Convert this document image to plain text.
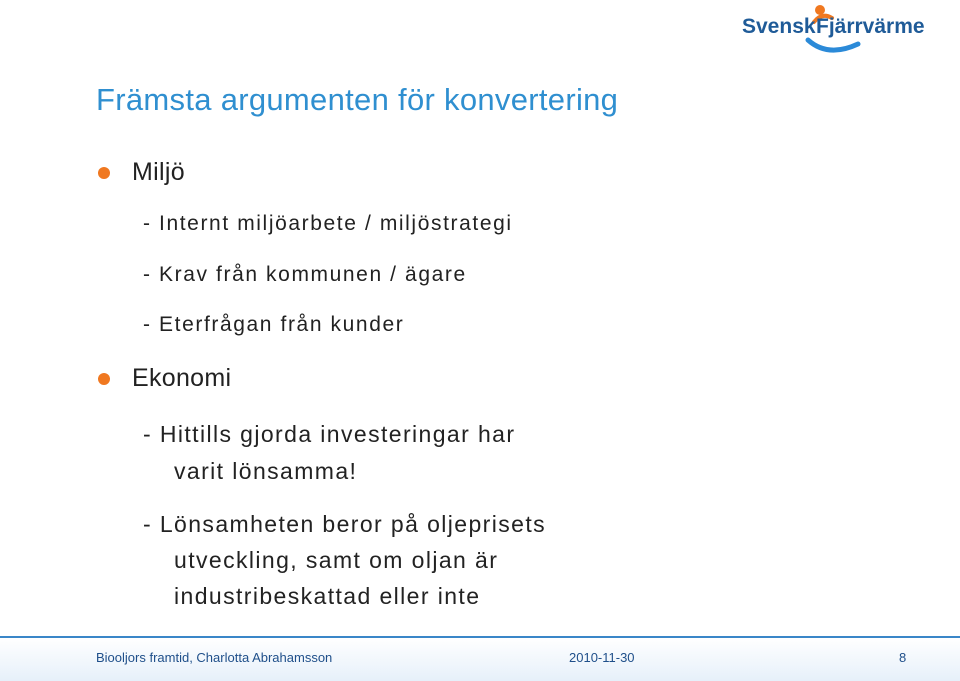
Svensk Fjärrvärme
Främsta argumenten för konvertering
Miljö
- Internt miljöarbete / miljöstrategi
- Krav från kommunen / ägare
- Eterfrågan från kunder
Ekonomi
- Hittills gjorda investeringar har
varit lönsamma!
- Lönsamheten beror på oljeprisets
utveckling, samt om oljan är
industribeskattad eller inte
Biooljors framtid, Charlotta Abrahamsson	2010-11-30	8
